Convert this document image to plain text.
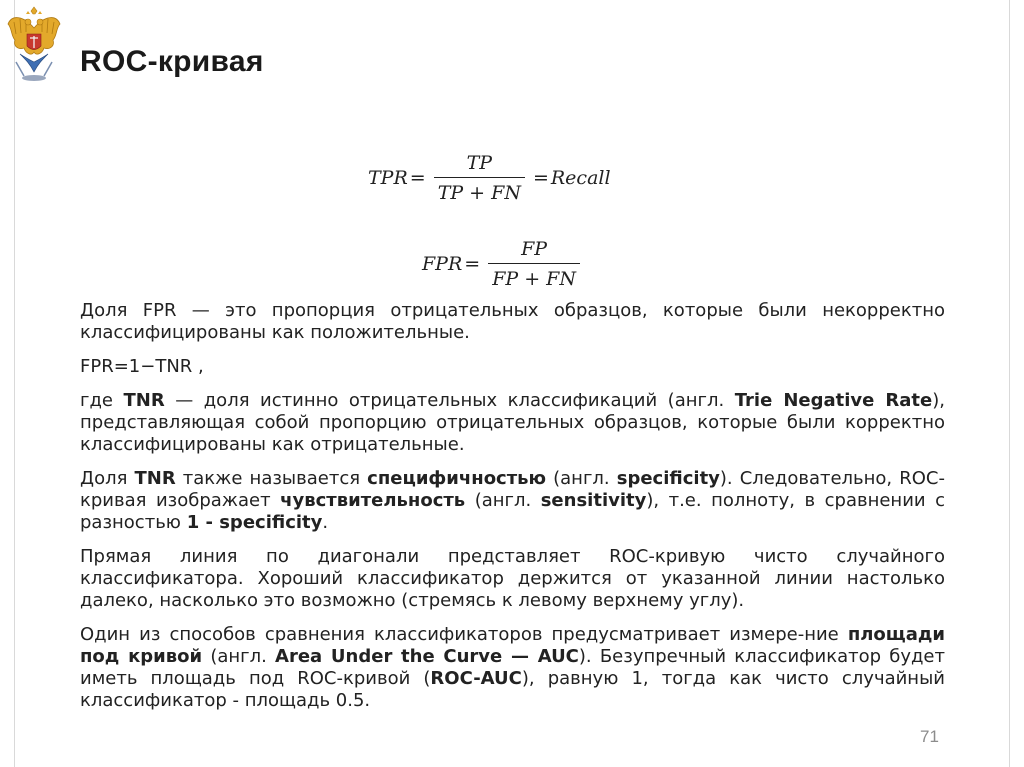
ROC-кривая
TPR = $\frac{TP}{TP + FN}$ = Recall
FPR = $\frac{FP}{FP + FN}$

Доля FPR — это пропорция отрицательных образцов, которые были некорректно классифицированы как положительные.

FPR=1−TNR ,

где TNR — доля истинно отрицательных классификаций (англ. Trie Negative Rate), представляющая собой пропорцию отрицательных образцов, которые были корректно классифицированы как отрицательные.

Доля TNR также называется специфичностью (англ. specificity). Следовательно, ROC-кривая изображает чувствительность (англ. sensitivity), т.е. полноту, в сравнении с разностью 1 - specificity.

Прямая линия по диагонали представляет ROC-кривую чисто случайного классификатора. Хороший классификатор держится от указанной линии настолько далеко, насколько это возможно (стремясь к левому верхнему углу).

Один из способов сравнения классификаторов предусматривает измере-ние площади под кривой (англ. Area Under the Curve — AUC). Безупречный классификатор будет иметь площадь под ROC-кривой (ROC-AUC), равную 1, тогда как чисто случайный классификатор - площадь 0.5.

71
